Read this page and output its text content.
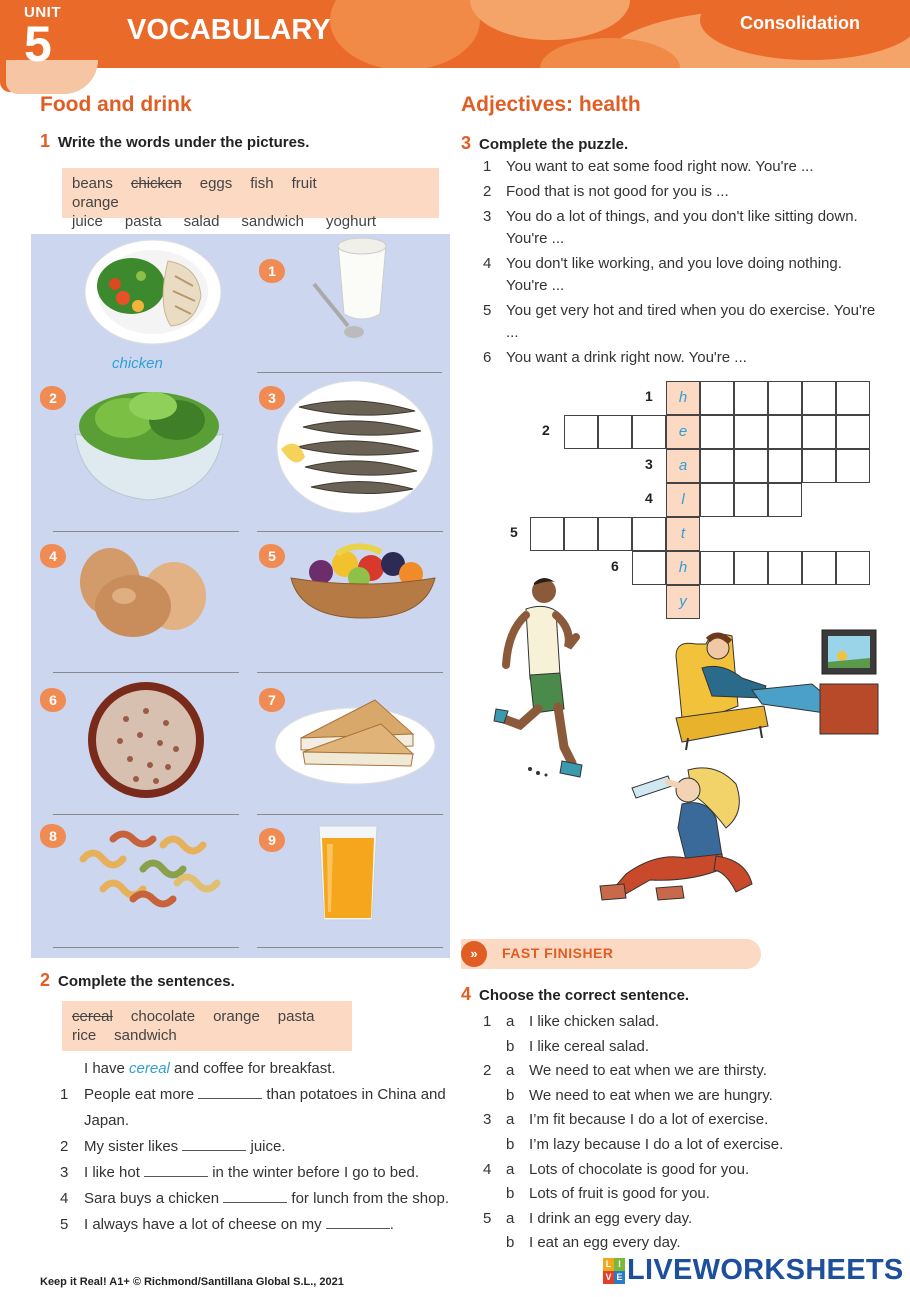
VOCABULARY	Consolidation
UNIT
5
Food and drink
1 Write the words under the pictures.
beans chicken eggs fish fruit
orange juice pasta salad sandwich yoghurt
chicken
1
2	3
4	5
6	7
8	9
2 Complete the sentences.
cereal chocolate orange pasta
rice sandwich
I have cereal and coffee for breakfast.
1	People eat more	than potatoes in China and Japan.
2	My sister likes	juice.
3	I like hot	in the winter before I go to bed.
4	Sara buys a chicken	for lunch from the shop.
5	I always have a lot of cheese on my	.
Adjectives: health
3 Complete the puzzle.
1 You want to eat some food right now. You're ...
2 Food that is not good for you is ...
3 You do a lot of things, and you don't like sitting down. You're ...
4 You don't like working, and you love doing nothing. You're ...
5 You get very hot and tired when you do exercise. You're ...
6 You want a drink right now. You're ...
h
1
e
2
a
3
l
4
t
5
h
6
y
»	FAST FINISHER
4 Choose the correct sentence.
1 a I like chicken salad.
b I like cereal salad.
2 a We need to eat when we are thirsty.
b We need to eat when we are hungry.
3 a I’m fit because I do a lot of exercise.
b I’m lazy because I do a lot of exercise.
4 a Lots of chocolate is good for you.
b Lots of fruit is good for you.
5 a I drink an egg every day.
b I eat an egg every day.
Keep it Real! A1+ © Richmond/Santillana Global S.L., 2021
L I
V E LIVEWORKSHEETS
